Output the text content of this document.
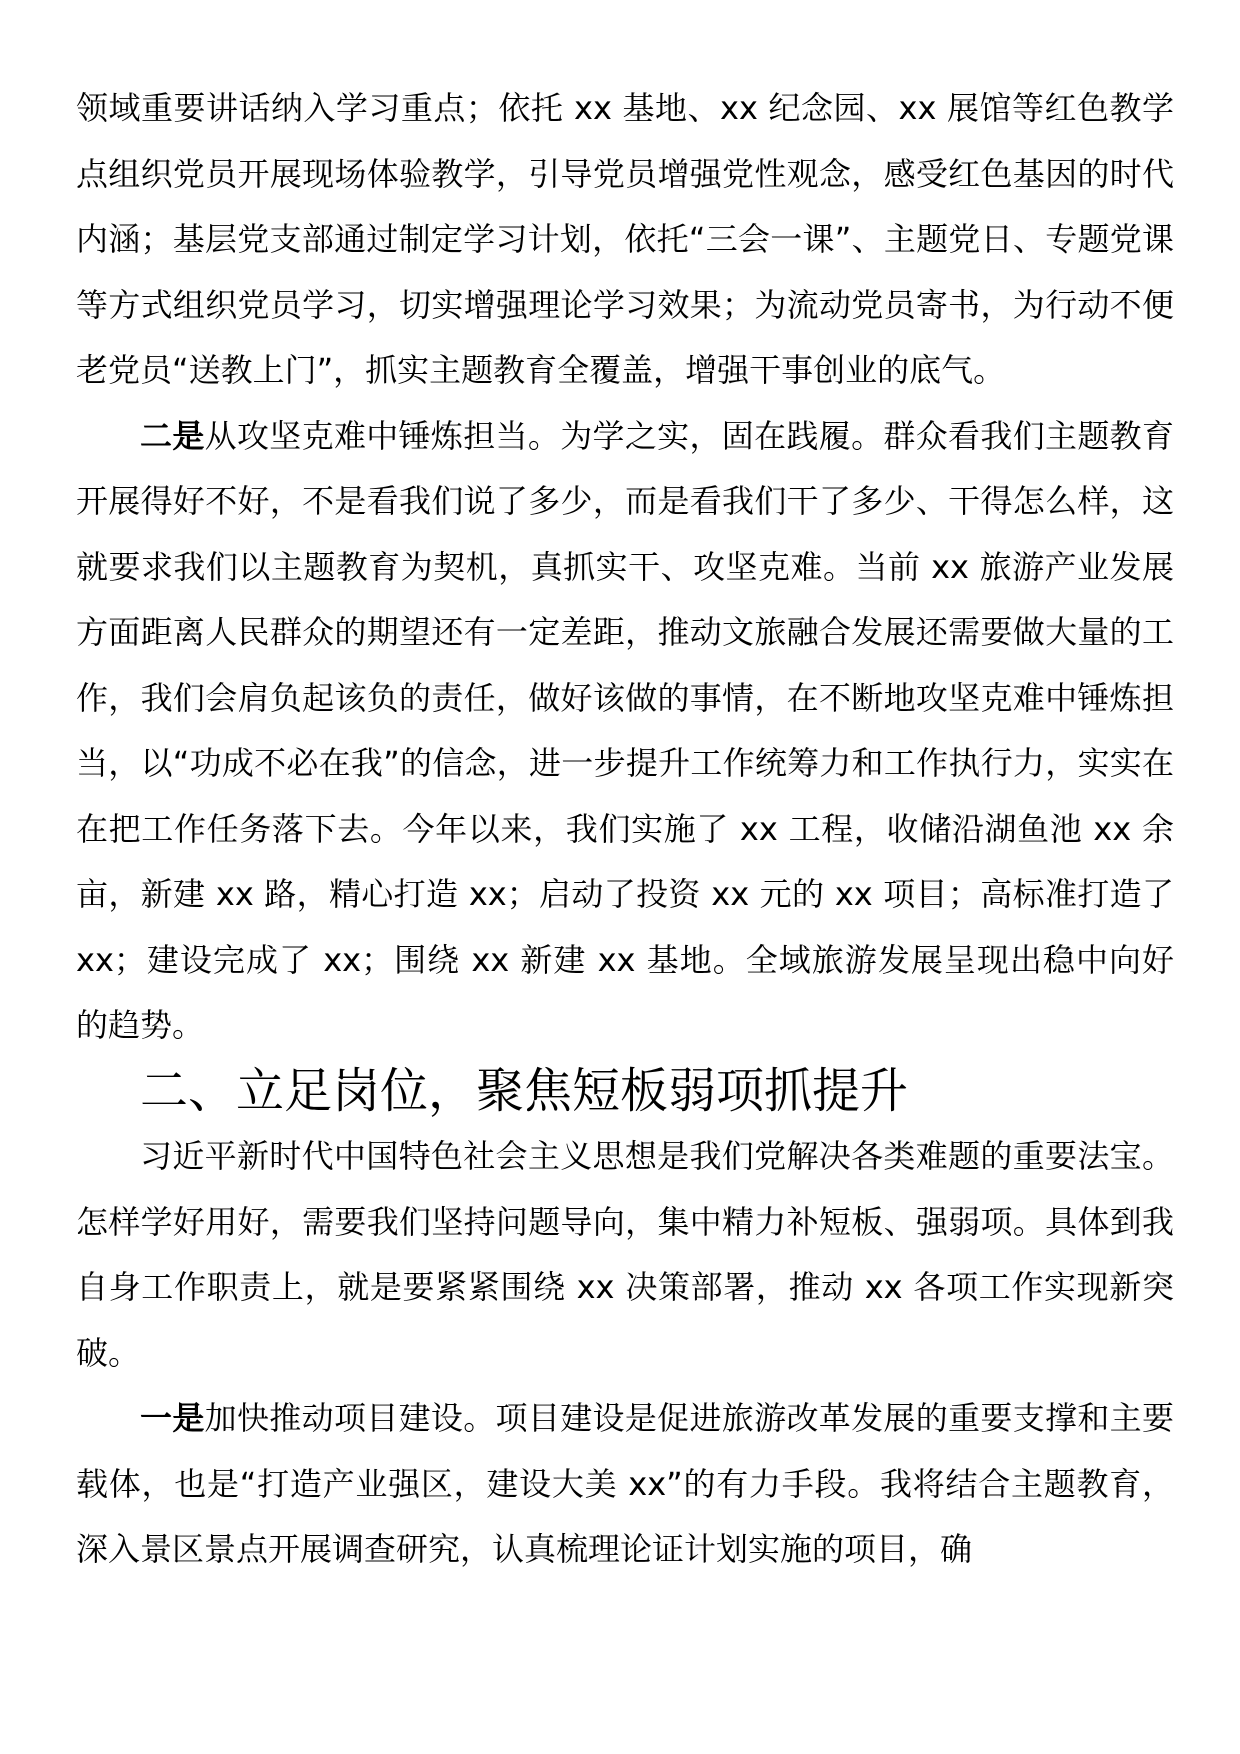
领域重要讲话纳入学习重点；依托 xx 基地、xx 纪念园、xx 展馆等红色教学点组织党员开展现场体验教学，引导党员增强党性观念，感受红色基因的时代内涵；基层党支部通过制定学习计划，依托“三会一课”、主题党日、专题党课等方式组织党员学习，切实增强理论学习效果；为流动党员寄书，为行动不便老党员“送教上门”，抓实主题教育全覆盖，增强干事创业的底气。

二是从攻坚克难中锤炼担当。为学之实，固在践履。群众看我们主题教育开展得好不好，不是看我们说了多少，而是看我们干了多少、干得怎么样，这就要求我们以主题教育为契机，真抓实干、攻坚克难。当前 xx 旅游产业发展方面距离人民群众的期望还有一定差距，推动文旅融合发展还需要做大量的工作，我们会肩负起该负的责任，做好该做的事情，在不断地攻坚克难中锤炼担当，以“功成不必在我”的信念，进一步提升工作统筹力和工作执行力，实实在在把工作任务落下去。今年以来，我们实施了 xx 工程，收储沿湖鱼池 xx 余亩，新建 xx 路，精心打造 xx；启动了投资 xx 元的 xx 项目；高标准打造了 xx；建设完成了 xx；围绕 xx 新建 xx 基地。全域旅游发展呈现出稳中向好的趋势。

二、立足岗位，聚焦短板弱项抓提升

习近平新时代中国特色社会主义思想是我们党解决各类难题的重要法宝。怎样学好用好，需要我们坚持问题导向，集中精力补短板、强弱项。具体到我自身工作职责上，就是要紧紧围绕 xx 决策部署，推动 xx 各项工作实现新突破。

一是加快推动项目建设。项目建设是促进旅游改革发展的重要支撑和主要载体，也是“打造产业强区，建设大美 xx”的有力手段。我将结合主题教育，深入景区景点开展调查研究，认真梳理论证计划实施的项目，确
